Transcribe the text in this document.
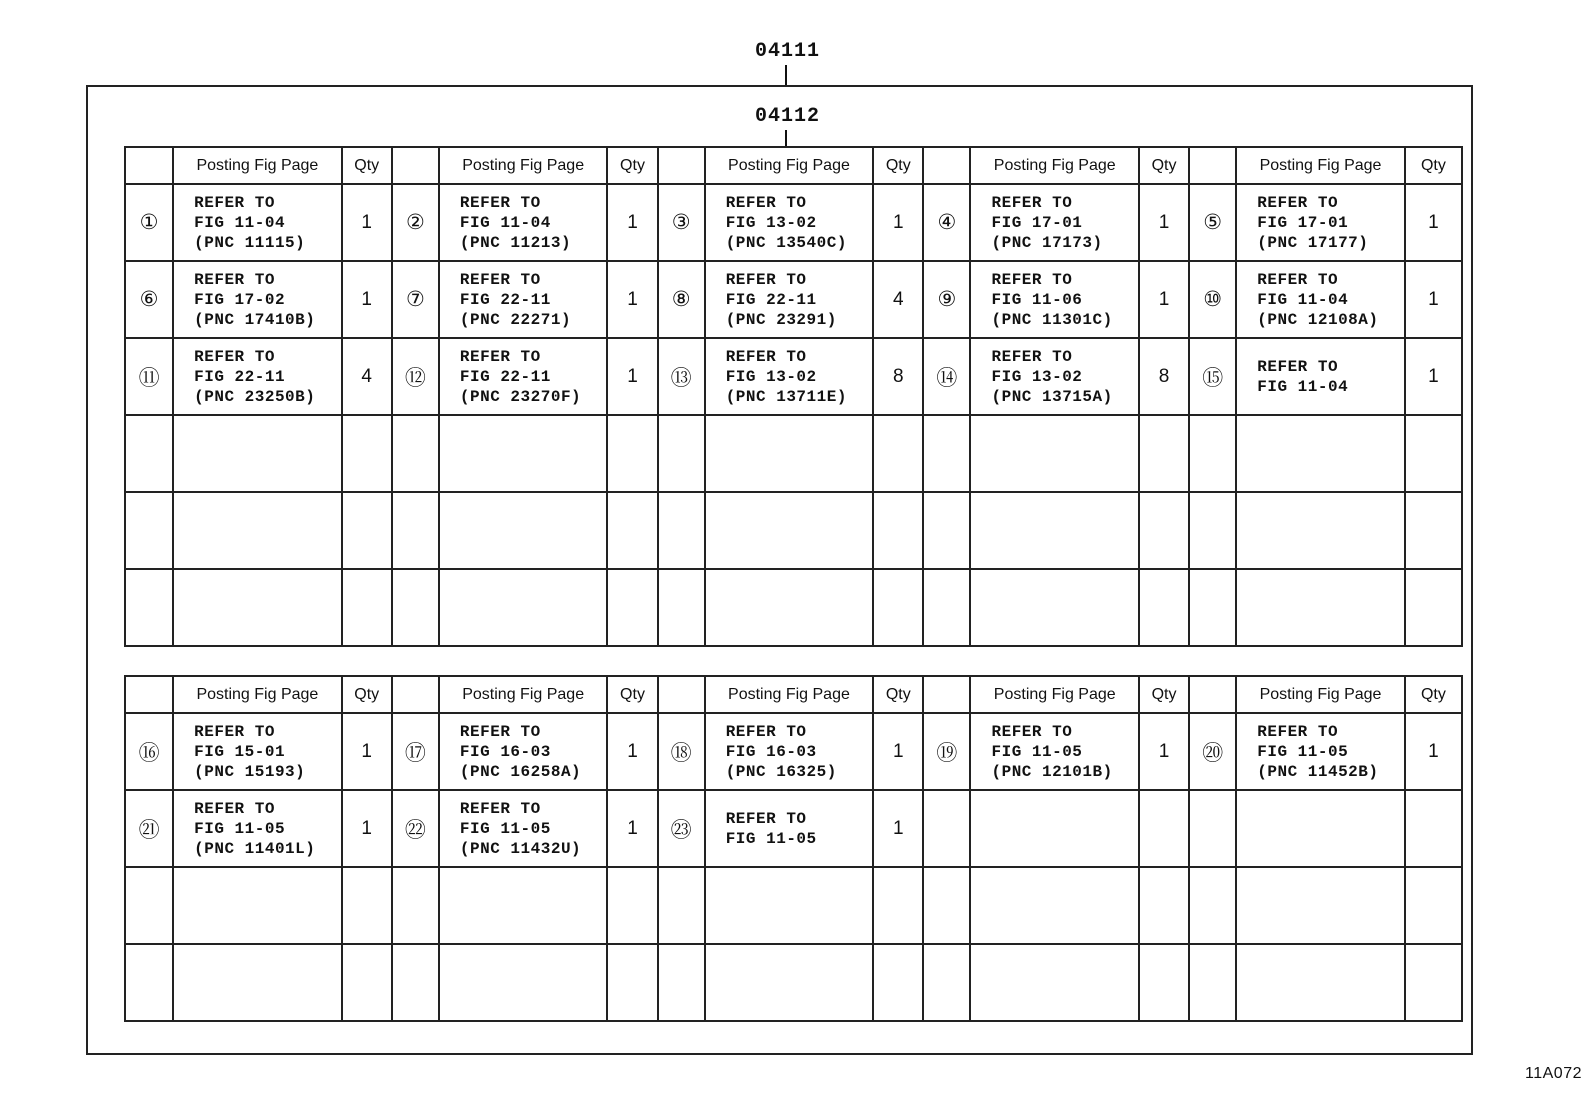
04111
04112
	Posting Fig Page	Qty		Posting Fig Page	Qty		Posting Fig Page	Qty		Posting Fig Page	Qty		Posting Fig Page	Qty
①	REFER TO
FIG 11-04
(PNC 11115)	1	②	REFER TO
FIG 11-04
(PNC 11213)	1	③	REFER TO
FIG 13-02
(PNC 13540C)	1	④	REFER TO
FIG 17-01
(PNC 17173)	1	⑤	REFER TO
FIG 17-01
(PNC 17177)	1
⑥	REFER TO
FIG 17-02
(PNC 17410B)	1	⑦	REFER TO
FIG 22-11
(PNC 22271)	1	⑧	REFER TO
FIG 22-11
(PNC 23291)	4	⑨	REFER TO
FIG 11-06
(PNC 11301C)	1	⑩	REFER TO
FIG 11-04
(PNC 12108A)	1
⑪	REFER TO
FIG 22-11
(PNC 23250B)	4	⑫	REFER TO
FIG 22-11
(PNC 23270F)	1	⑬	REFER TO
FIG 13-02
(PNC 13711E)	8	⑭	REFER TO
FIG 13-02
(PNC 13715A)	8	⑮	REFER TO
FIG 11-04	1

	Posting Fig Page	Qty		Posting Fig Page	Qty		Posting Fig Page	Qty		Posting Fig Page	Qty		Posting Fig Page	Qty
⑯	REFER TO
FIG 15-01
(PNC 15193)	1	⑰	REFER TO
FIG 16-03
(PNC 16258A)	1	⑱	REFER TO
FIG 16-03
(PNC 16325)	1	⑲	REFER TO
FIG 11-05
(PNC 12101B)	1	⑳	REFER TO
FIG 11-05
(PNC 11452B)	1
㉑	REFER TO
FIG 11-05
(PNC 11401L)	1	㉒	REFER TO
FIG 11-05
(PNC 11432U)	1	㉓	REFER TO
FIG 11-05	1						

11A072
